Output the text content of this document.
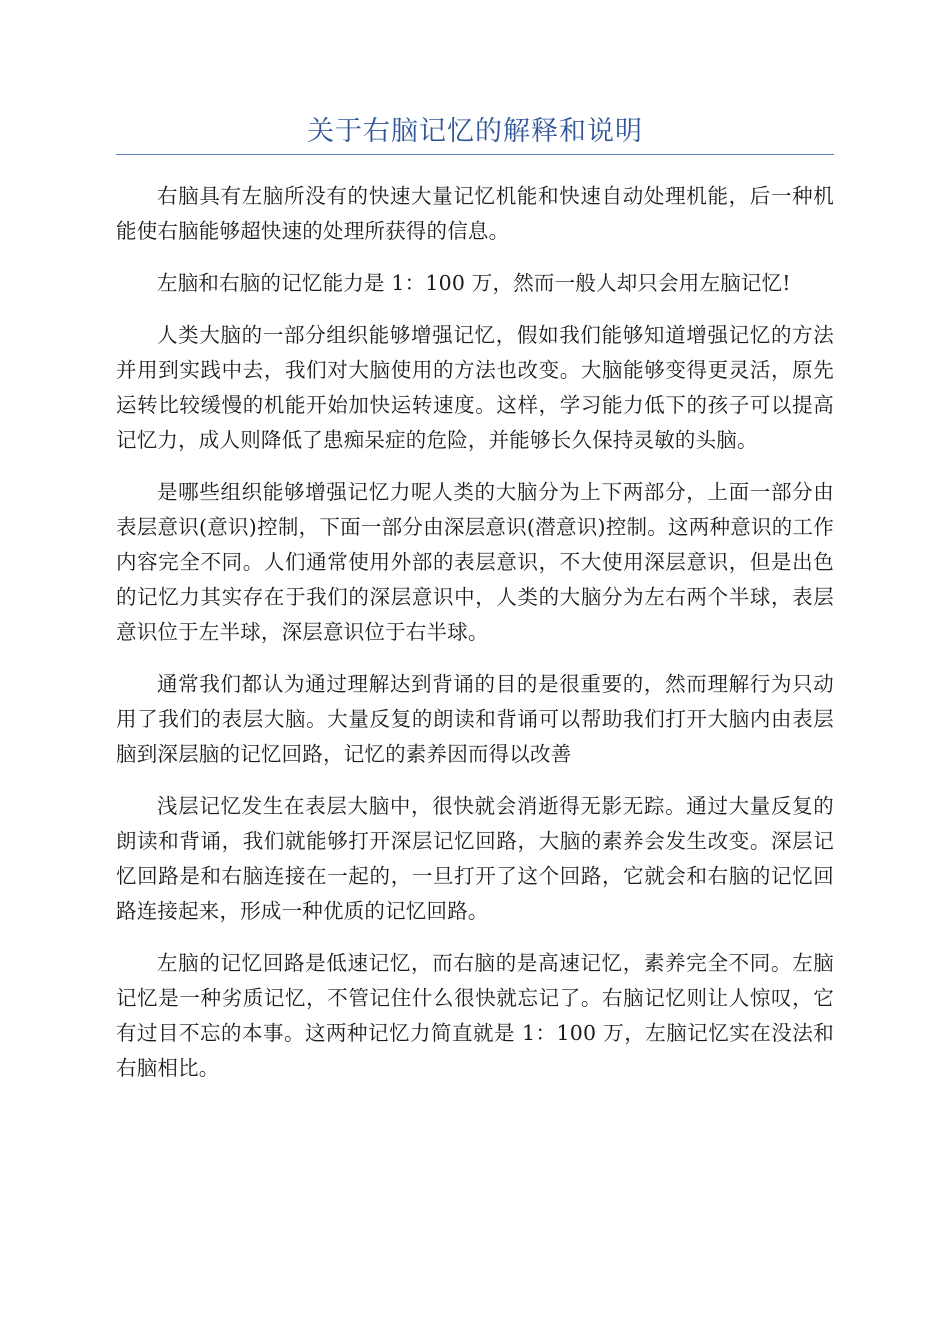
关于右脑记忆的解释和说明

右脑具有左脑所没有的快速大量记忆机能和快速自动处理机能，后一种机能使右脑能够超快速的处理所获得的信息。

左脑和右脑的记忆能力是 1：100 万，然而一般人却只会用左脑记忆!

人类大脑的一部分组织能够增强记忆，假如我们能够知道增强记忆的方法并用到实践中去，我们对大脑使用的方法也改变。大脑能够变得更灵活，原先运转比较缓慢的机能开始加快运转速度。这样，学习能力低下的孩子可以提高记忆力，成人则降低了患痴呆症的危险，并能够长久保持灵敏的头脑。

是哪些组织能够增强记忆力呢人类的大脑分为上下两部分，上面一部分由表层意识(意识)控制，下面一部分由深层意识(潜意识)控制。这两种意识的工作内容完全不同。人们通常使用外部的表层意识，不大使用深层意识，但是出色的记忆力其实存在于我们的深层意识中，人类的大脑分为左右两个半球，表层意识位于左半球，深层意识位于右半球。

通常我们都认为通过理解达到背诵的目的是很重要的，然而理解行为只动用了我们的表层大脑。大量反复的朗读和背诵可以帮助我们打开大脑内由表层脑到深层脑的记忆回路，记忆的素养因而得以改善

浅层记忆发生在表层大脑中，很快就会消逝得无影无踪。通过大量反复的朗读和背诵，我们就能够打开深层记忆回路，大脑的素养会发生改变。深层记忆回路是和右脑连接在一起的，一旦打开了这个回路，它就会和右脑的记忆回路连接起来，形成一种优质的记忆回路。

左脑的记忆回路是低速记忆，而右脑的是高速记忆，素养完全不同。左脑记忆是一种劣质记忆，不管记住什么很快就忘记了。右脑记忆则让人惊叹，它有过目不忘的本事。这两种记忆力简直就是 1：100 万，左脑记忆实在没法和右脑相比。
